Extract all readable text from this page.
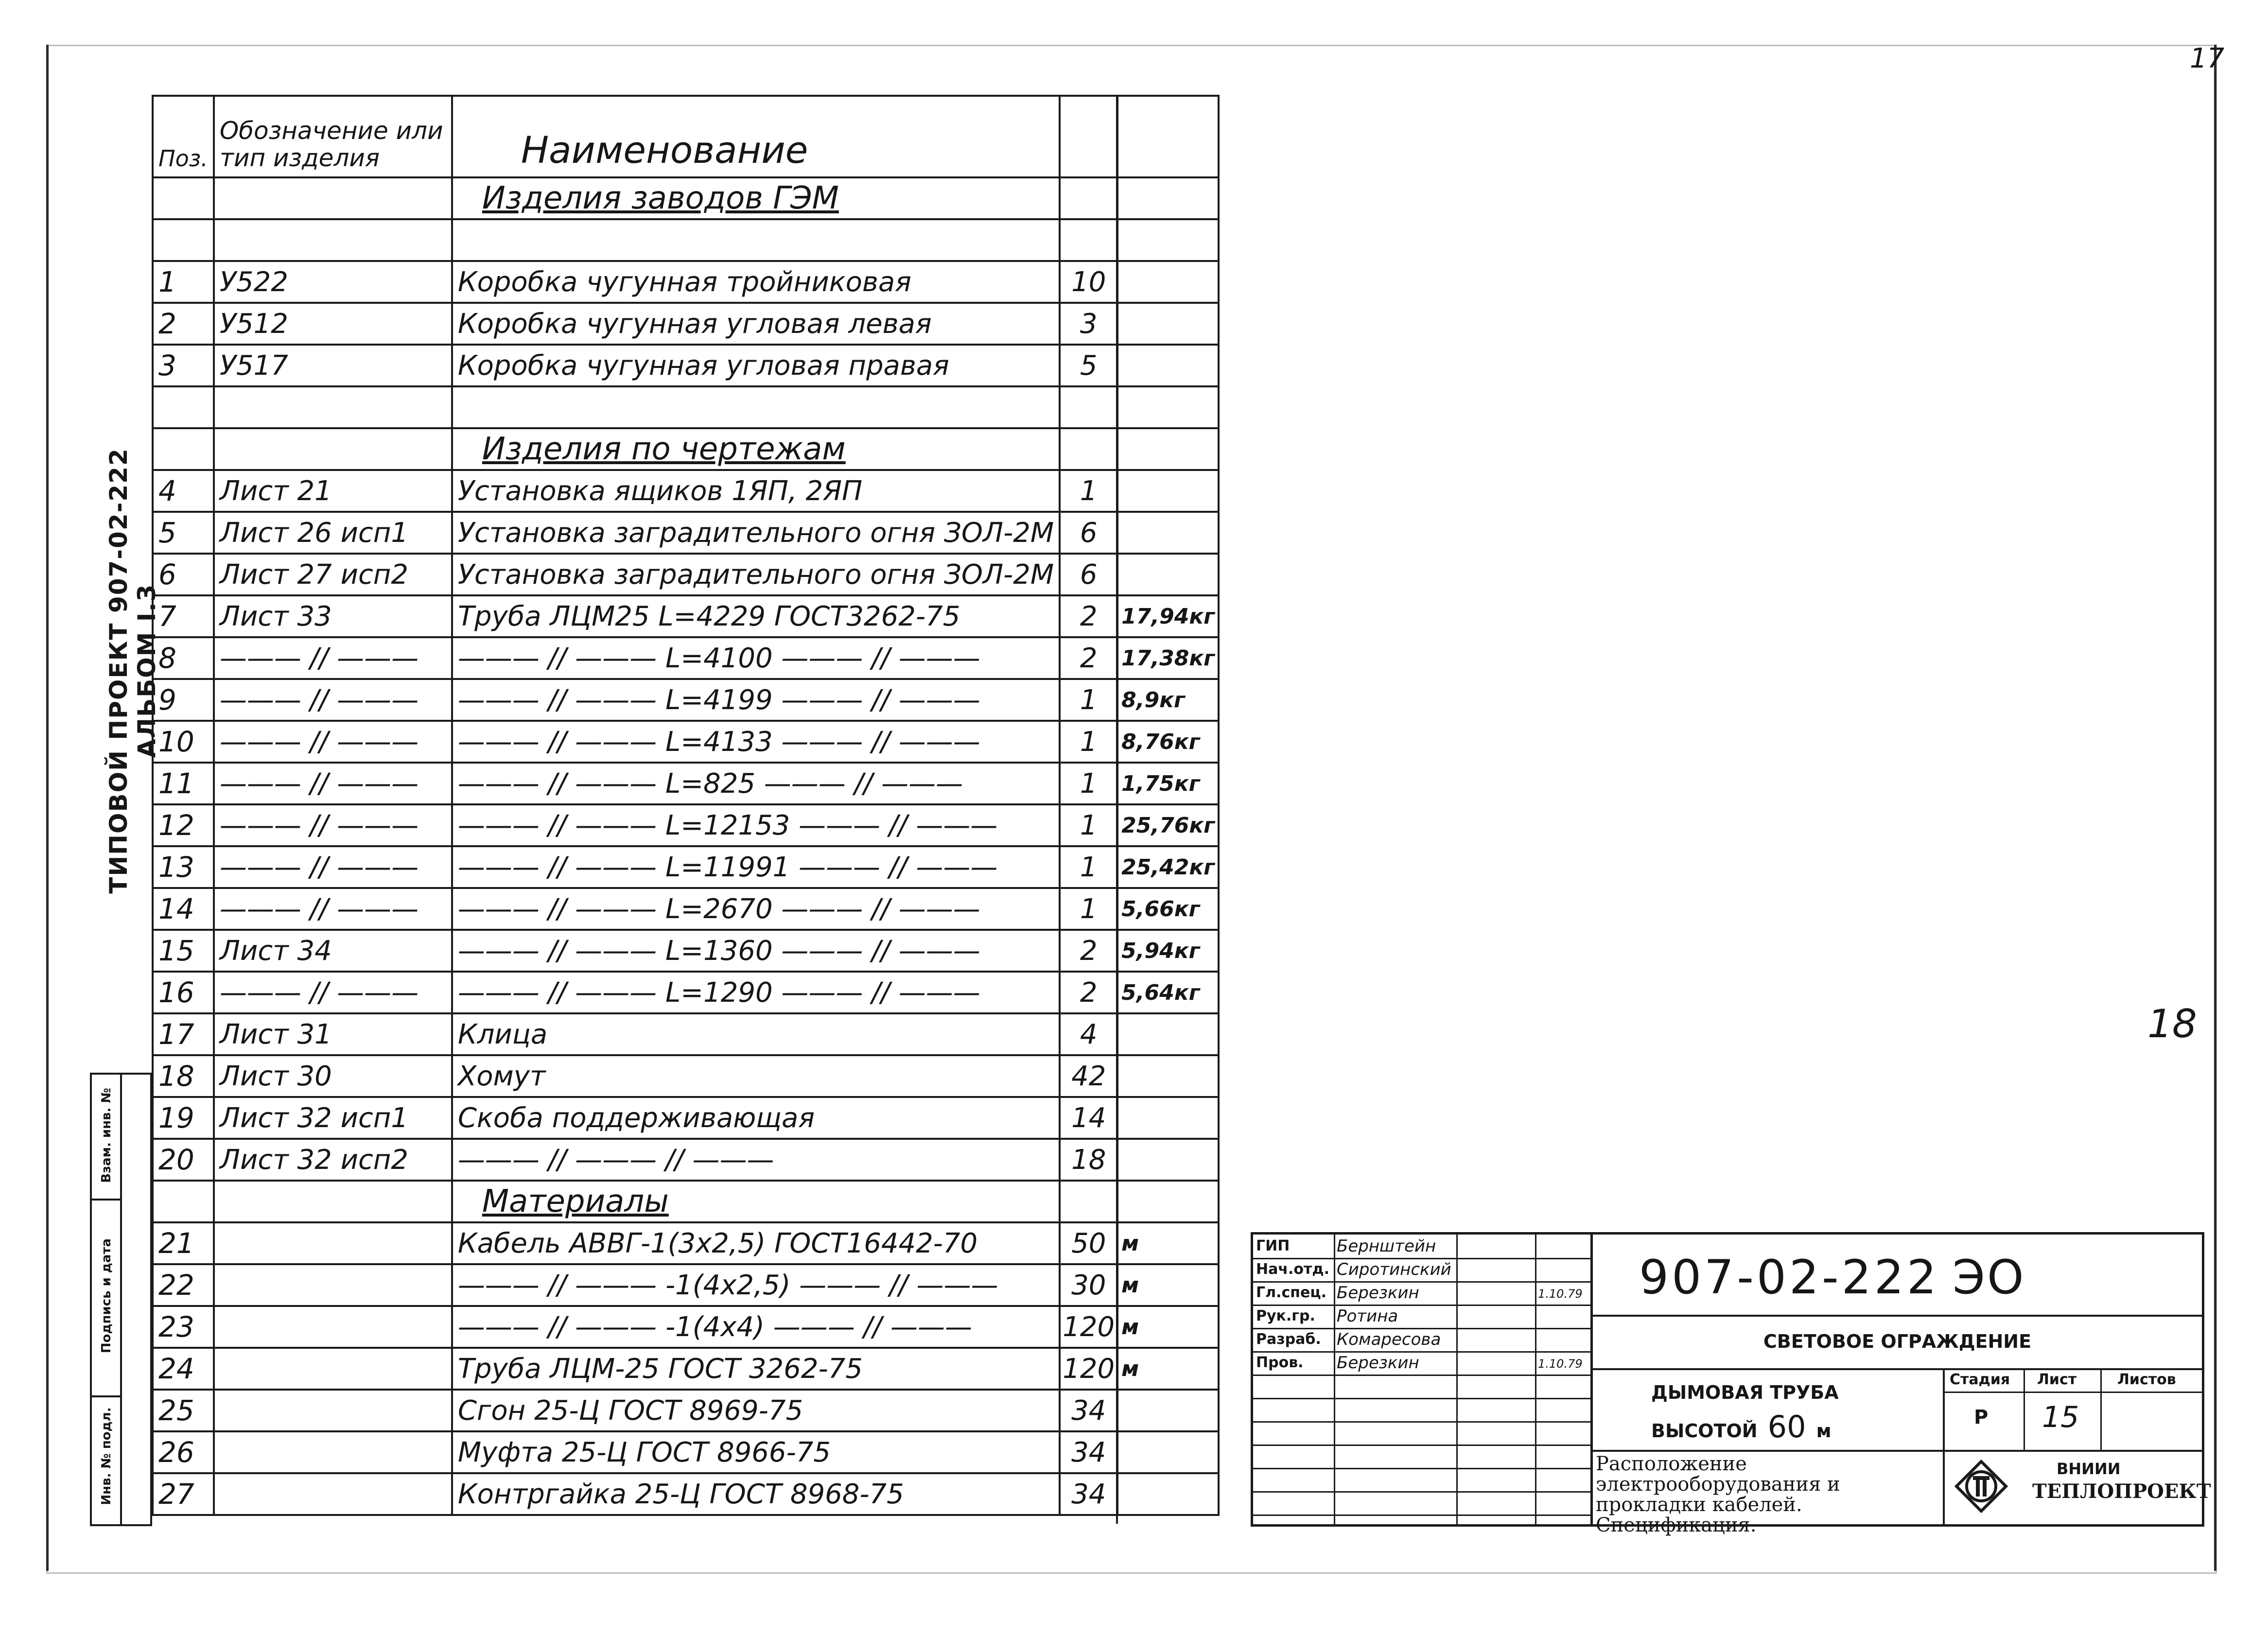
17
18
ТИПОВОЙ ПРОЕКТ 907-02-222 АЛЬБОМ I.3
Инв. № подл.
Подпись и дата
Взам. инв. №
Поз.	Обозначение или тип изделия	Наименование		
		Изделия заводов ГЭМ		

1	У522	Коробка чугунная тройниковая	10	
2	У512	Коробка чугунная угловая левая	3	
3	У517	Коробка чугунная угловая правая	5	

		Изделия по чертежам		
4	Лист 21	Установка ящиков 1ЯП, 2ЯП	1	
5	Лист 26 исп1	Установка заградительного огня ЗОЛ-2М	6	
6	Лист 27 исп2	Установка заградительного огня ЗОЛ-2М	6	
7	Лист 33	Труба ЛЦМ25 L=4229 ГОСТ3262-75	2	17,94кг
8	——— // ———	——— // ——— L=4100 ——— // ———	2	17,38кг
9	——— // ———	——— // ——— L=4199 ——— // ———	1	8,9кг
10	——— // ———	——— // ——— L=4133 ——— // ———	1	8,76кг
11	——— // ———	——— // ——— L=825 ——— // ———	1	1,75кг
12	——— // ———	——— // ——— L=12153 ——— // ———	1	25,76кг
13	——— // ———	——— // ——— L=11991 ——— // ———	1	25,42кг
14	——— // ———	——— // ——— L=2670 ——— // ———	1	5,66кг
15	Лист 34	——— // ——— L=1360 ——— // ———	2	5,94кг
16	——— // ———	——— // ——— L=1290 ——— // ———	2	5,64кг
17	Лист 31	Клица	4	
18	Лист 30	Хомут	42	
19	Лист 32 исп1	Скоба поддерживающая	14	
20	Лист 32 исп2	——— // ——— // ———	18	
		Материалы		
21		Кабель АВВГ-1(3x2,5) ГОСТ16442-70	50	м
22		——— // ——— -1(4x2,5) ——— // ———	30	м
23		——— // ——— -1(4x4) ——— // ———	120	м
24		Труба ЛЦМ-25 ГОСТ 3262-75	120	м
25		Сгон 25-Ц ГОСТ 8969-75	34	
26		Муфта 25-Ц ГОСТ 8966-75	34	
27		Контргайка 25-Ц ГОСТ 8968-75	34	
ГИП	Бернштейн
Нач.отд. Сиротинский
Гл.спец. Березкин	1.10.79
Рук.гр. Ротина
Разраб. Комаресова
Пров. Березкин	1.10.79
907-02-222 ЭО
СВЕТОВОЕ ОГРАЖДЕНИЕ
ДЫМОВАЯ ТРУБА
ВЫСОТОЙ 60 м
Стадия Лист	Листов
Р 15
Расположение электрооборудования и прокладки кабелей. Спецификация.
ВНИИИ
ТЕПЛОПРОЕКТ
